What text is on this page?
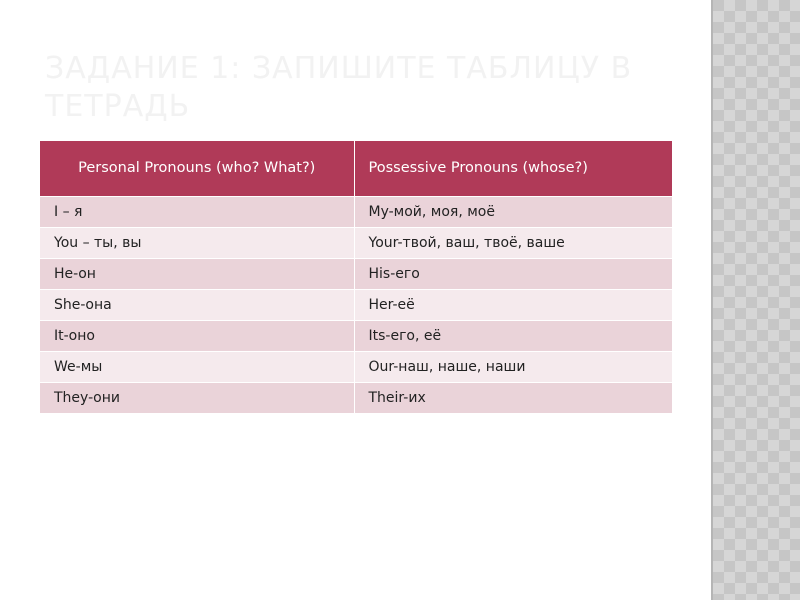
ЗАДАНИЕ 1: ЗАПИШИТЕ ТАБЛИЦУ В ТЕТРАДЬ
Personal Pronouns (who? What?)	Possessive Pronouns (whose?)
I – я	My-мой, моя, моё
You – ты, вы	Your-твой, ваш, твоё, ваше
He-он	His-его
She-она	Her-её
It-оно	Its-его, её
We-мы	Our-наш, наше, наши
They-они	Their-их
